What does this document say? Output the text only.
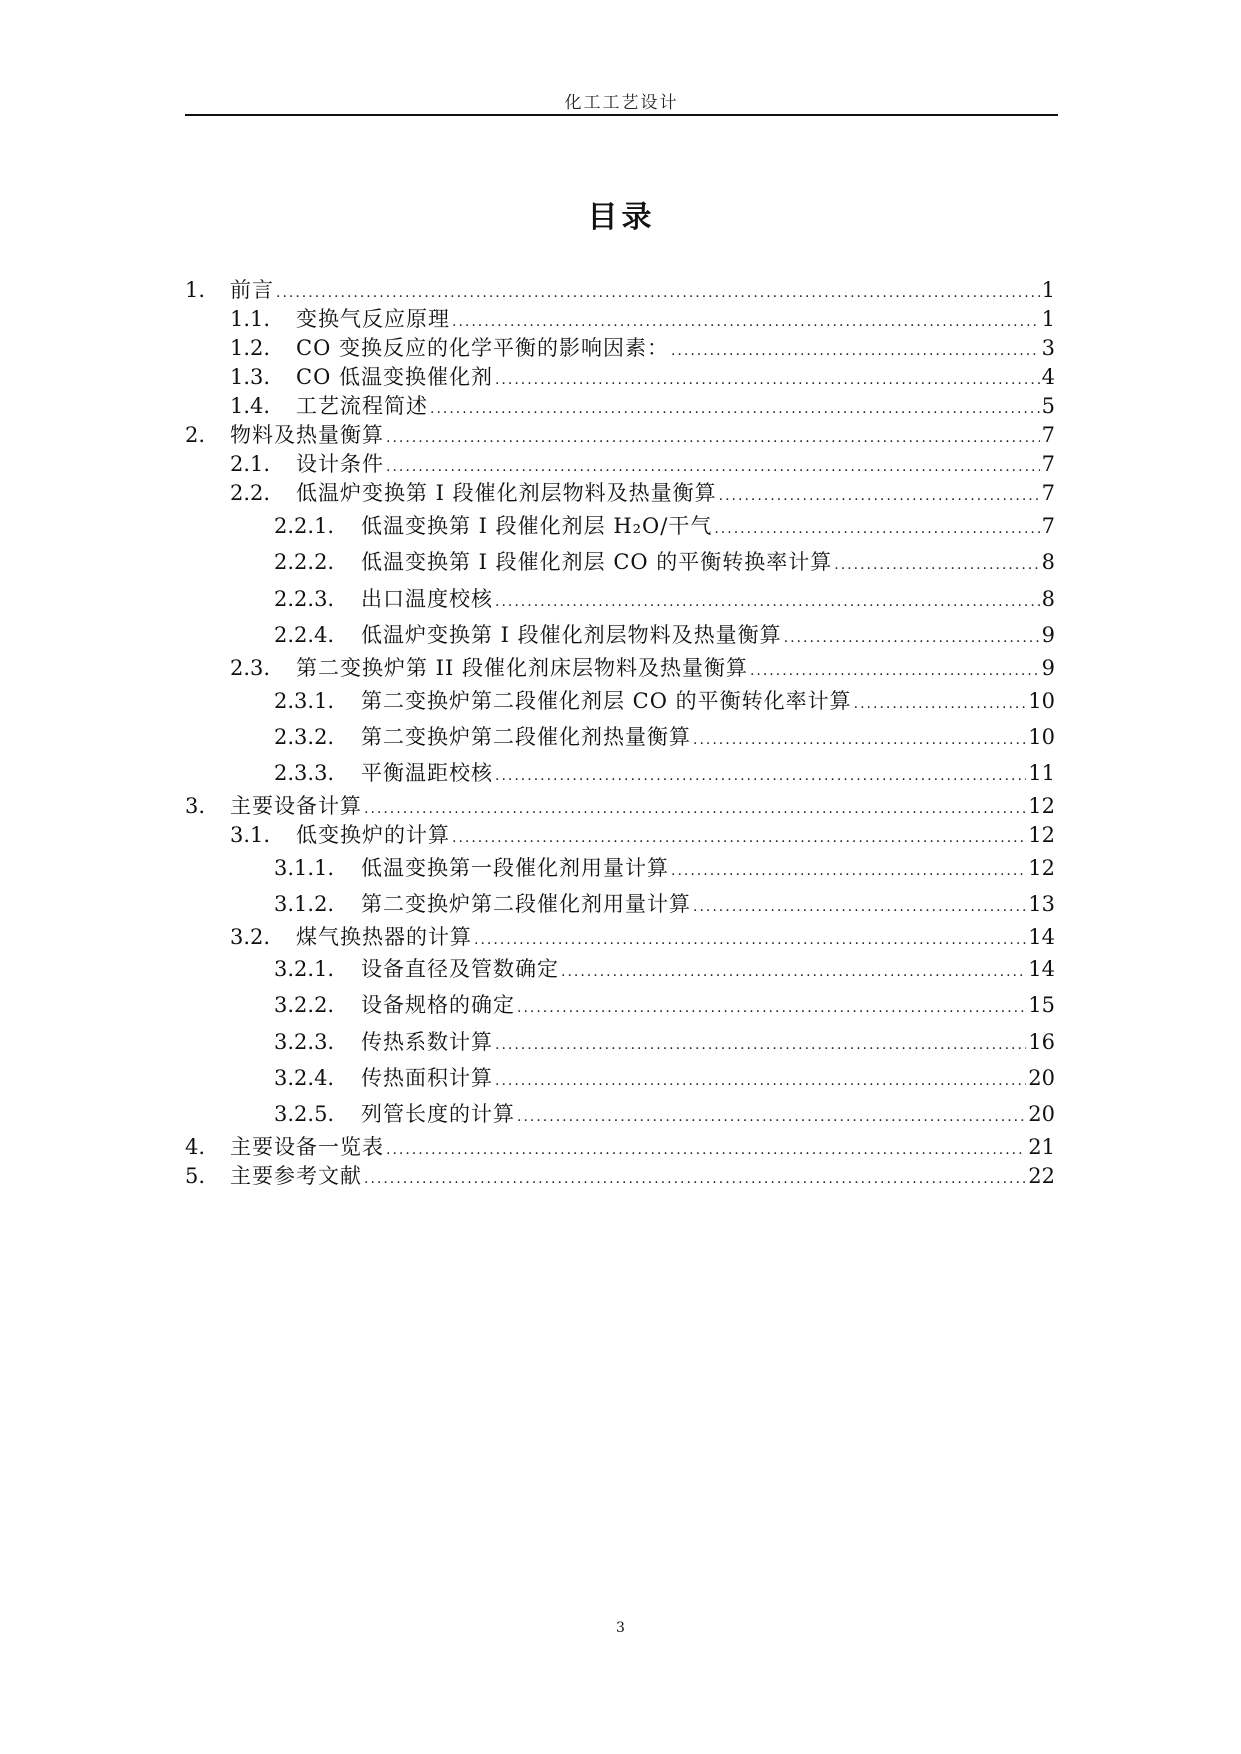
化工工艺设计
目录
1.	前言 .....	1
1.1.	变换气反应原理 .....	1
1.2.	CO 变换反应的化学平衡的影响因素： .....	3
1.3.	CO 低温变换催化剂 .....	4
1.4.	工艺流程简述 .....	5
2.	物料及热量衡算 .....	7
2.1.	设计条件 .....	7
2.2.	低温炉变换第 I 段催化剂层物料及热量衡算 .....	7
2.2.1.	低温变换第 I 段催化剂层 H₂O/干气 .....	7
2.2.2.	低温变换第 I 段催化剂层 CO 的平衡转换率计算 .....	8
2.2.3.	出口温度校核 .....	8
2.2.4.	低温炉变换第 I 段催化剂层物料及热量衡算 .....	9
2.3.	第二变换炉第 II 段催化剂床层物料及热量衡算 .....	9
2.3.1.	第二变换炉第二段催化剂层 CO 的平衡转化率计算 .....	10
2.3.2.	第二变换炉第二段催化剂热量衡算 .....	10
2.3.3.	平衡温距校核 .....	11
3.	主要设备计算 .....	12
3.1.	低变换炉的计算 .....	12
3.1.1.	低温变换第一段催化剂用量计算 .....	12
3.1.2.	第二变换炉第二段催化剂用量计算 .....	13
3.2.	煤气换热器的计算 .....	14
3.2.1.	设备直径及管数确定 .....	14
3.2.2.	设备规格的确定 .....	15
3.2.3.	传热系数计算 .....	16
3.2.4.	传热面积计算 .....	20
3.2.5.	列管长度的计算 .....	20
4.	主要设备一览表 .....	21
5.	主要参考文献 .....	22
3
